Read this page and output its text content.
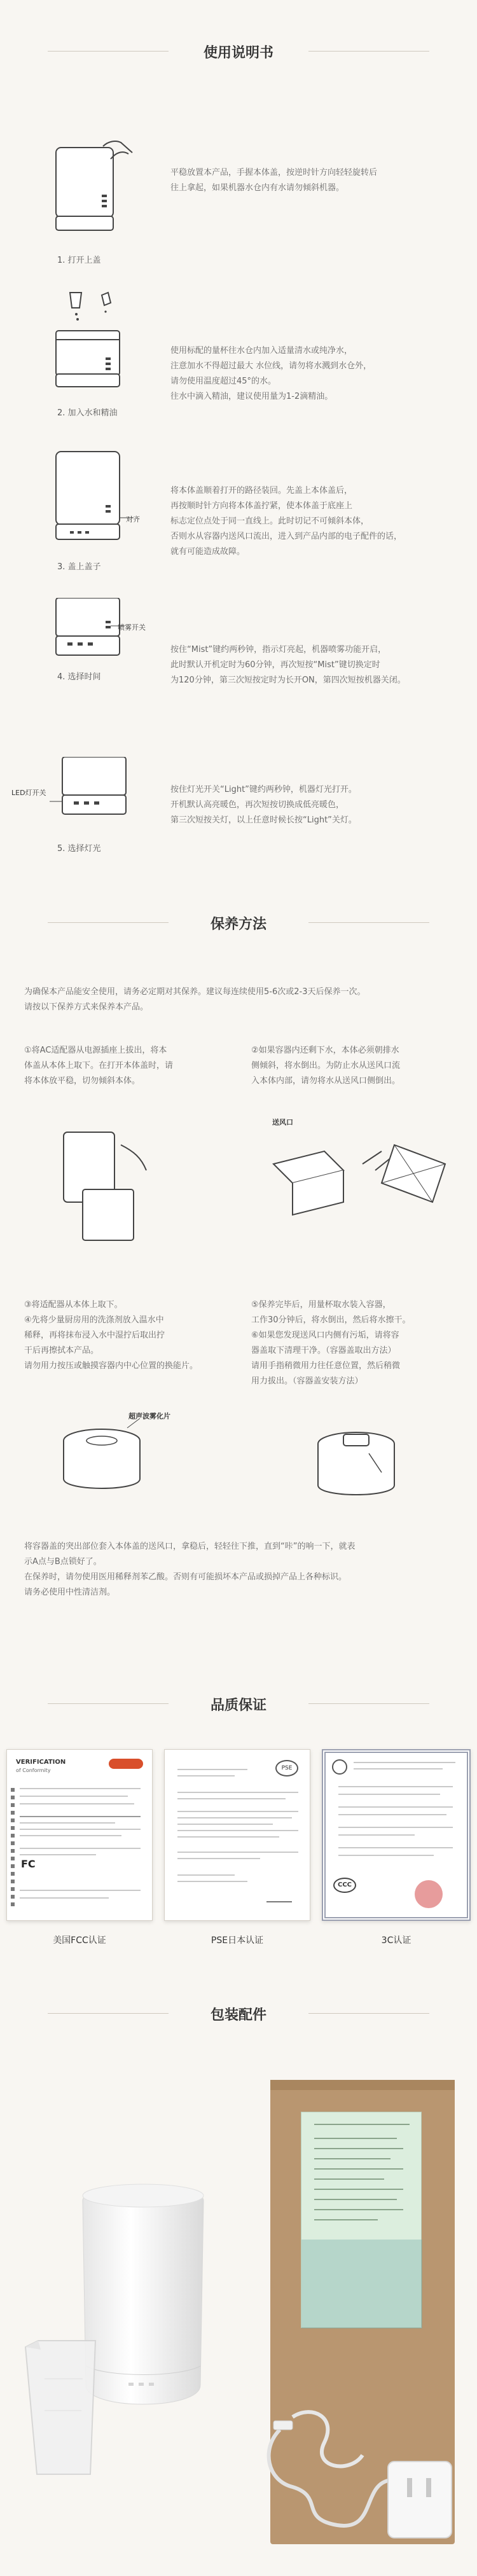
使用说明书
1. 打开上盖
平稳放置本产品，手握本体盖，按逆时针方向轻轻旋转后
往上拿起，如果机器水仓内有水请勿倾斜机器。
2. 加入水和精油
使用标配的量杯往水仓内加入适量清水或纯净水，
注意加水不得超过最大 水位线，请勿将水溅到水仓外，
请勿使用温度超过45°的水。
往水中滴入精油，建议使用量为1-2滴精油。
对齐
3. 盖上盖子
将本体盖顺着打开的路径装回。先盖上本体盖后，
再按顺时针方向将本体盖拧紧，使本体盖于底座上
标志定位点处于同一直线上。此时切记不可倾斜本体，
否则水从容器内送风口流出，进入到产品内部的电子配件的话，
就有可能造成故障。
喷雾开关
4. 选择时间
按住“Mist”键约两秒钟，指示灯亮起，机器喷雾功能开启，
此时默认开机定时为60分钟，再次短按“Mist”键切换定时
为120分钟，第三次短按定时为长开ON，第四次短按机器关闭。
LED灯开关
5. 选择灯光
按住灯光开关“Light”键约两秒钟，机器灯光打开。
开机默认高亮暖色，再次短按切换成低亮暖色，
第三次短按关灯，以上任意时候长按“Light”关灯。
保养方法
为确保本产品能安全使用，请务必定期对其保养。建议每连续使用5-6次或2-3天后保养一次。
请按以下保养方式来保养本产品。
①将AC适配器从电源插座上拔出，将本
体盖从本体上取下。在打开本体盖时，请
将本体放平稳，切勿倾斜本体。
②如果容器内还剩下水，本体必须朝排水
侧倾斜，将水倒出。为防止水从送风口流
入本体内部，请勿将水从送风口侧倒出。
送风口
③将适配器从本体上取下。
④先将少量厨房用的洗涤剂放入温水中
稀释，再将抹布浸入水中湿拧后取出拧
干后再擦拭本产品。
请勿用力按压或触摸容器内中心位置的换能片。
⑤保养完毕后，用量杯取水装入容器，
工作30分钟后，将水倒出，然后将水擦干。
⑥如果您发现送风口内侧有污垢，请将容
器盖取下清理干净。（容器盖取出方法）
请用手指稍微用力往任意位置，然后稍微
用力拔出。（容器盖安装方法）
超声波雾化片
将容器盖的突出部位套入本体盖的送风口，拿稳后，轻轻往下推，直到“咔”的响一下，就表
示A点与B点锁好了。
在保养时，请勿使用医用稀释剂苯乙酸。否则有可能损坏本产品或损掉产品上各种标识。
请务必使用中性清洁剂。
品质保证
VERIFICATION
of Conformity
FC
美国FCC认证
PSE
PSE日本认证
CCC
3C认证
包装配件
